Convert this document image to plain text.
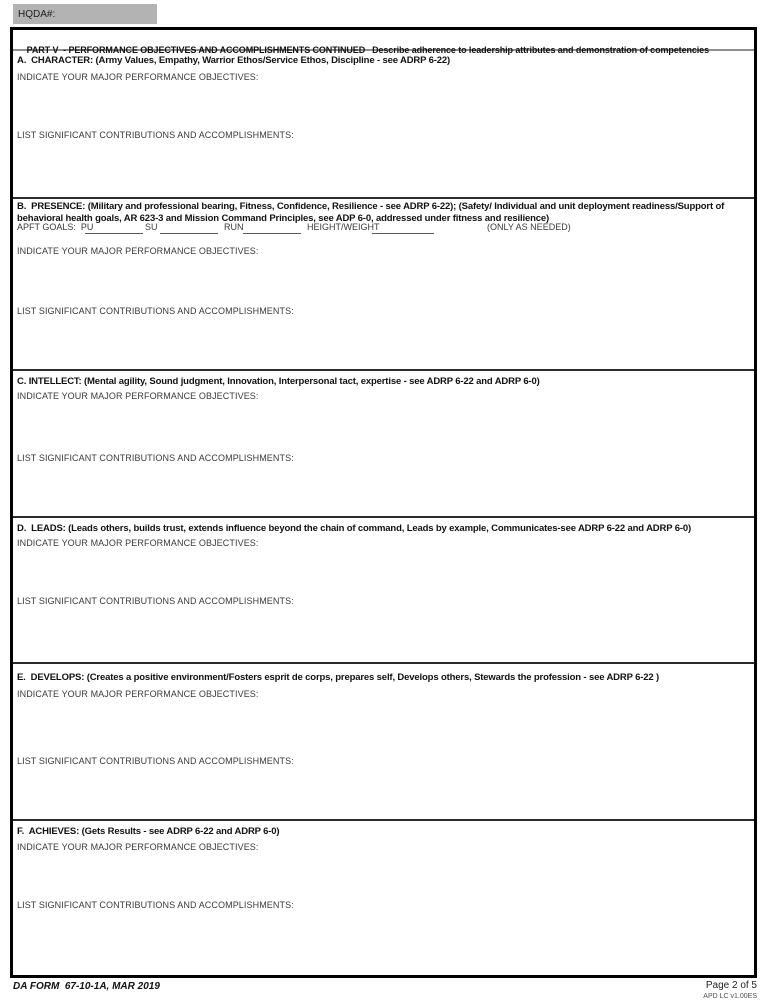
HQDA#:

PART V  - PERFORMANCE OBJECTIVES AND ACCOMPLISHMENTS CONTINUED Describe adherence to leadership attributes and demonstration of competencies

A.  CHARACTER: (Army Values, Empathy, Warrior Ethos/Service Ethos, Discipline - see ADRP 6-22)
INDICATE YOUR MAJOR PERFORMANCE OBJECTIVES:
LIST SIGNIFICANT CONTRIBUTIONS AND ACCOMPLISHMENTS:
B.  PRESENCE: (Military and professional bearing, Fitness, Confidence, Resilience - see ADRP 6-22); (Safety/ Individual and unit deployment readiness/Support of behavioral health goals, AR 623-3 and Mission Command Principles, see ADP 6-0, addressed under fitness and resilience)
APFT GOALS:  PU	SU	RUN	HEIGHT/WEIGHT	(ONLY AS NEEDED)
INDICATE YOUR MAJOR PERFORMANCE OBJECTIVES:
LIST SIGNIFICANT CONTRIBUTIONS AND ACCOMPLISHMENTS:
C. INTELLECT: (Mental agility, Sound judgment, Innovation, Interpersonal tact, expertise - see ADRP 6-22 and ADRP 6-0)
INDICATE YOUR MAJOR PERFORMANCE OBJECTIVES:
LIST SIGNIFICANT CONTRIBUTIONS AND ACCOMPLISHMENTS:
D.  LEADS: (Leads others, builds trust, extends influence beyond the chain of command, Leads by example, Communicates-see ADRP 6-22 and ADRP 6-0)
INDICATE YOUR MAJOR PERFORMANCE OBJECTIVES:
LIST SIGNIFICANT CONTRIBUTIONS AND ACCOMPLISHMENTS:
E.  DEVELOPS: (Creates a positive environment/Fosters esprit de corps, prepares self, Develops others, Stewards the profession - see ADRP 6-22 )
INDICATE YOUR MAJOR PERFORMANCE OBJECTIVES:
LIST SIGNIFICANT CONTRIBUTIONS AND ACCOMPLISHMENTS:
F.  ACHIEVES: (Gets Results - see ADRP 6-22 and ADRP 6-0)
INDICATE YOUR MAJOR PERFORMANCE OBJECTIVES:
LIST SIGNIFICANT CONTRIBUTIONS AND ACCOMPLISHMENTS:
DA FORM  67-10-1A, MAR 2019	Page 2 of 5
APD LC v1.00ES
